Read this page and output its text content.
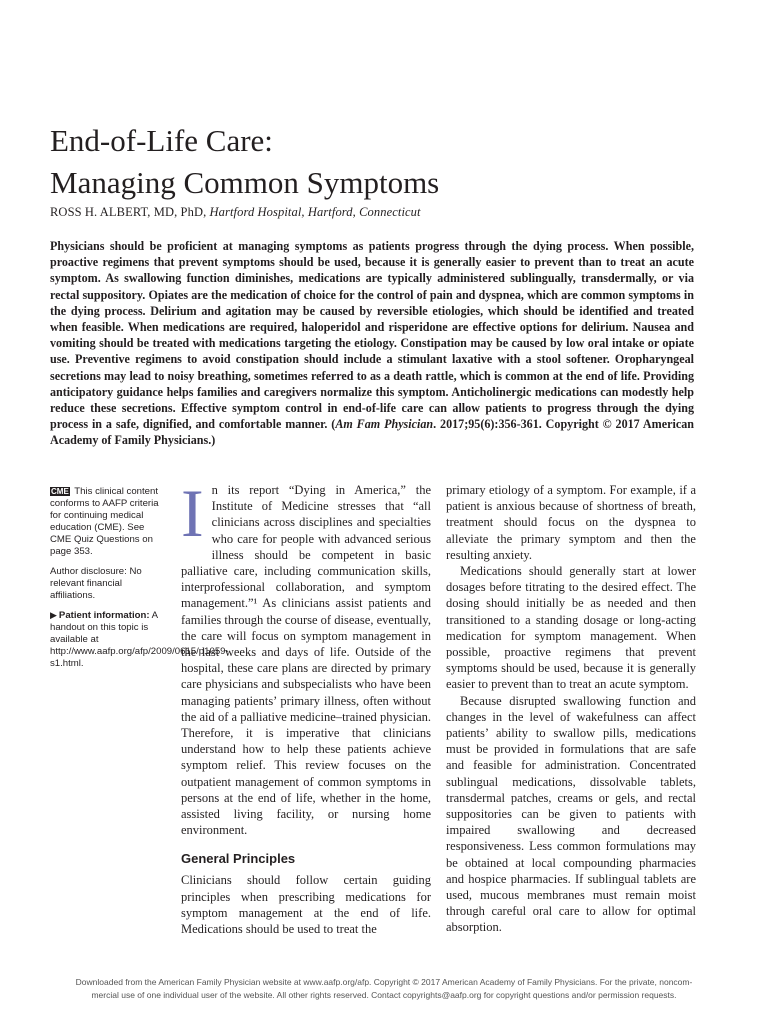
End-of-Life Care:
Managing Common Symptoms
ROSS H. ALBERT, MD, PhD, Hartford Hospital, Hartford, Connecticut

Physicians should be proficient at managing symptoms as patients progress through the dying process. When possible, proactive regimens that prevent symptoms should be used, because it is generally easier to prevent than to treat an acute symptom. As swallowing function diminishes, medications are typically administered sublingually, transdermally, or via rectal suppository. Opiates are the medication of choice for the control of pain and dyspnea, which are common symptoms in the dying process. Delirium and agitation may be caused by reversible etiologies, which should be identified and treated when feasible. When medications are required, haloperidol and risperidone are effective options for delirium. Nausea and vomiting should be treated with medications targeting the etiology. Constipation may be caused by low oral intake or opiate use. Preventive regimens to avoid constipation should include a stimulant laxative with a stool softener. Oropharyngeal secretions may lead to noisy breathing, sometimes referred to as a death rattle, which is common at the end of life. Providing anticipatory guidance helps families and caregivers normalize this symptom. Anticholinergic medications can modestly help reduce these secretions. Effective symptom control in end-of-life care can allow patients to progress through the dying process in a safe, dignified, and comfortable manner. (Am Fam Physician. 2017;95(6):356-361. Copyright © 2017 American Academy of Family Physicians.)

CME This clinical content conforms to AAFP criteria for continuing medical education (CME). See CME Quiz Questions on page 353.

Author disclosure: No relevant financial affiliations.

▶ Patient information: A handout on this topic is available at http://www.aafp.org/afp/2009/0615/p1059-s1.html.

In its report “Dying in America,” the Institute of Medicine stresses that “all clinicians across disciplines and specialties who care for people with advanced serious illness should be competent in basic palliative care, including communication skills, interprofessional collaboration, and symptom management.”¹ As clinicians assist patients and families through the course of disease, eventually, the care will focus on symptom management in the last weeks and days of life. Outside of the hospital, these care plans are directed by primary care physicians and subspecialists who have been managing patients’ primary illness, often without the aid of a palliative medicine–trained physician. Therefore, it is imperative that clinicians understand how to help these patients achieve symptom relief. This review focuses on the outpatient management of common symptoms in persons at the end of life, whether in the home, assisted living facility, or nursing home environment.

General Principles

Clinicians should follow certain guiding principles when prescribing medications for symptom management at the end of life. Medications should be used to treat the

primary etiology of a symptom. For example, if a patient is anxious because of shortness of breath, treatment should focus on the dyspnea to alleviate the primary symptom and then the resulting anxiety.

Medications should generally start at lower dosages before titrating to the desired effect. The dosing should initially be as needed and then transitioned to a standing dosage or long-acting medication for symptom management. When possible, proactive regimens that prevent symptoms should be used, because it is generally easier to prevent than to treat an acute symptom.

Because disrupted swallowing function and changes in the level of wakefulness can affect patients’ ability to swallow pills, medications must be provided in formulations that are safe and feasible for administration. Concentrated sublingual medications, dissolvable tablets, transdermal patches, creams or gels, and rectal suppositories can be given to patients with impaired swallowing and decreased responsiveness. Less common formulations may be obtained at local compounding pharmacies and hospice pharmacies. If sublingual tablets are used, mucous membranes must remain moist through careful oral care to allow for optimal absorption.

Downloaded from the American Family Physician website at www.aafp.org/afp. Copyright © 2017 American Academy of Family Physicians. For the private, noncom-
mercial use of one individual user of the website. All other rights reserved. Contact copyrights@aafp.org for copyright questions and/or permission requests.
